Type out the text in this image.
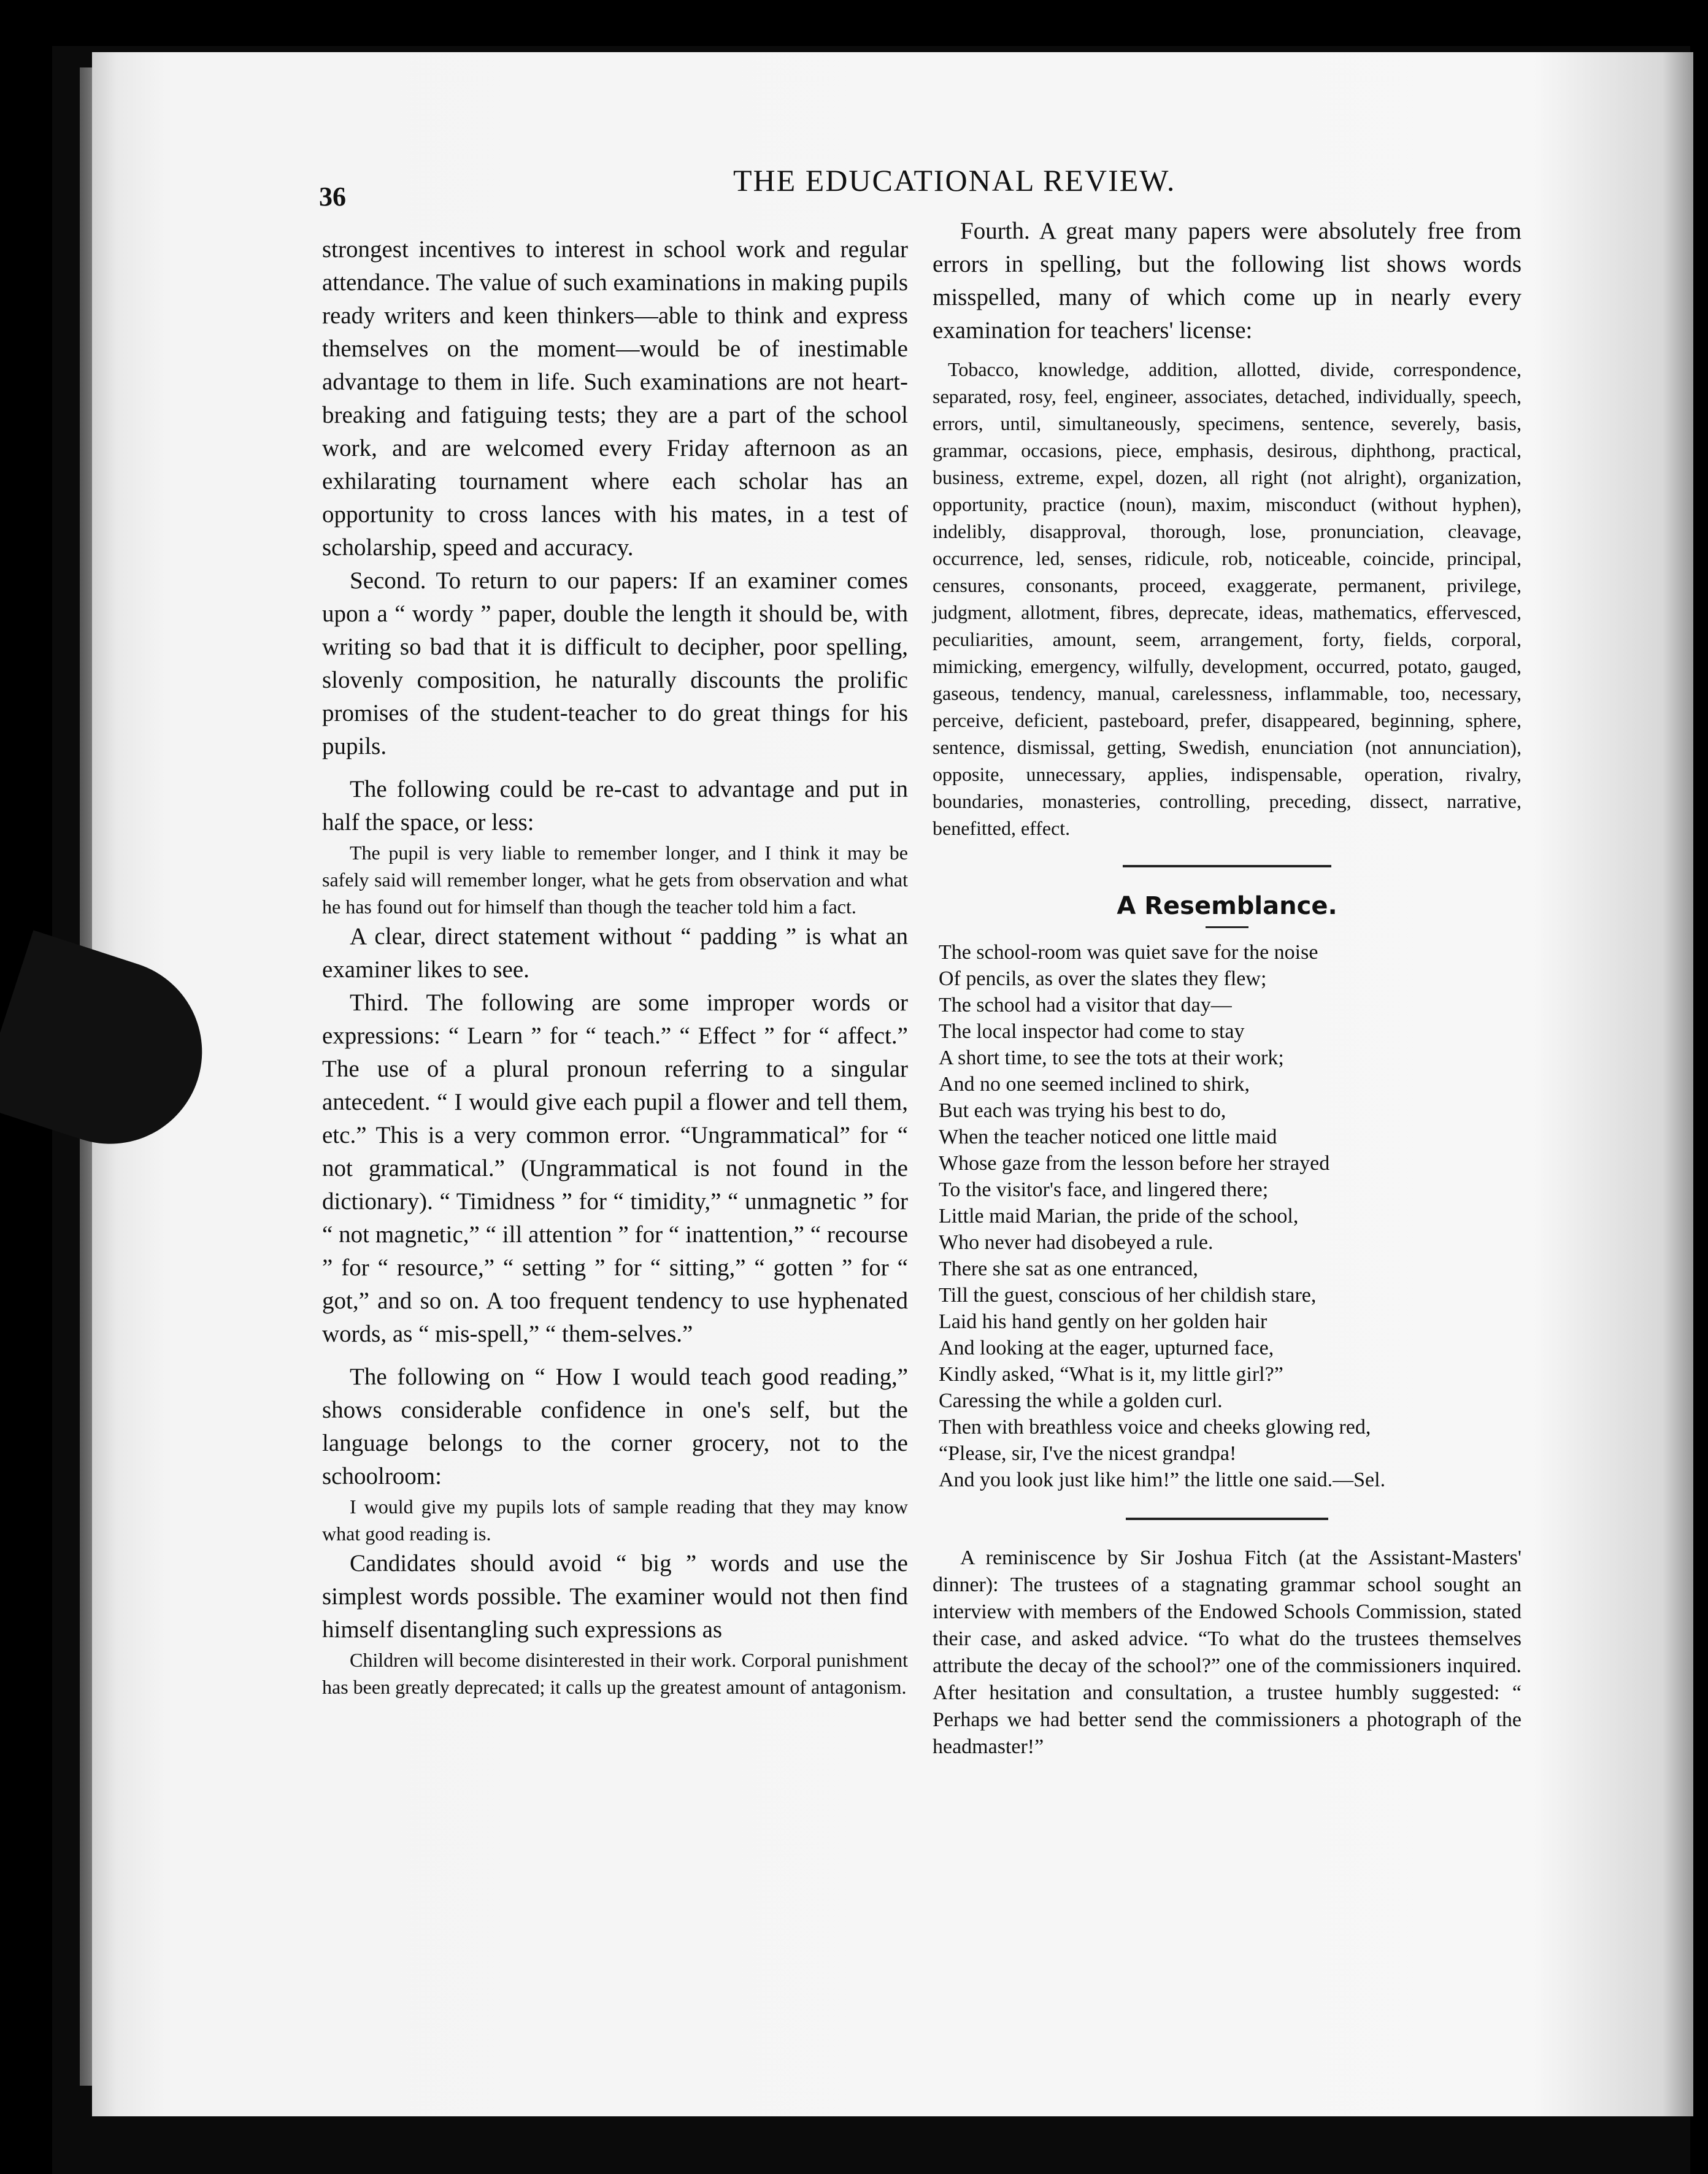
36	THE EDUCATIONAL REVIEW.

strongest incentives to interest in school work and regular attendance. The value of such examinations in making pupils ready writers and keen thinkers—able to think and express themselves on the moment—would be of inestimable advantage to them in life. Such examinations are not heart-breaking and fatiguing tests; they are a part of the school work, and are welcomed every Friday afternoon as an exhilarating tournament where each scholar has an opportunity to cross lances with his mates, in a test of scholarship, speed and accuracy.

Second. To return to our papers: If an examiner comes upon a “ wordy ” paper, double the length it should be, with writing so bad that it is difficult to decipher, poor spelling, slovenly composition, he naturally discounts the prolific promises of the student-teacher to do great things for his pupils.

The following could be re-cast to advantage and put in half the space, or less:

The pupil is very liable to remember longer, and I think it may be safely said will remember longer, what he gets from observation and what he has found out for himself than though the teacher told him a fact.

A clear, direct statement without “ padding ” is what an examiner likes to see.

Third. The following are some improper words or expressions: “ Learn ” for “ teach.” “ Effect ” for “ affect.” The use of a plural pronoun referring to a singular antecedent. “ I would give each pupil a flower and tell them, etc.” This is a very common error. “Ungrammatical” for “ not grammatical.” (Ungrammatical is not found in the dictionary). “ Timidness ” for “ timidity,” “ unmagnetic ” for “ not magnetic,” “ ill attention ” for “ inattention,” “ recourse ” for “ resource,” “ setting ” for “ sitting,” “ gotten ” for “ got,” and so on. A too frequent tendency to use hyphenated words, as “ mis-spell,” “ them-selves.”

The following on “ How I would teach good reading,” shows considerable confidence in one's self, but the language belongs to the corner grocery, not to the schoolroom:

I would give my pupils lots of sample reading that they may know what good reading is.

Candidates should avoid “ big ” words and use the simplest words possible. The examiner would not then find himself disentangling such expressions as

Children will become disinterested in their work. Corporal punishment has been greatly deprecated; it calls up the greatest amount of antagonism.

Fourth. A great many papers were absolutely free from errors in spelling, but the following list shows words misspelled, many of which come up in nearly every examination for teachers' license:

Tobacco, knowledge, addition, allotted, divide, correspondence, separated, rosy, feel, engineer, associates, detached, individually, speech, errors, until, simultaneously, specimens, sentence, severely, basis, grammar, occasions, piece, emphasis, desirous, diphthong, practical, business, extreme, expel, dozen, all right (not alright), organization, opportunity, practice (noun), maxim, misconduct (without hyphen), indelibly, disapproval, thorough, lose, pronunciation, cleavage, occurrence, led, senses, ridicule, rob, noticeable, coincide, principal, censures, consonants, proceed, exaggerate, permanent, privilege, judgment, allotment, fibres, deprecate, ideas, mathematics, effervesced, peculiarities, amount, seem, arrangement, forty, fields, corporal, mimicking, emergency, wilfully, development, occurred, potato, gauged, gaseous, tendency, manual, carelessness, inflammable, too, necessary, perceive, deficient, pasteboard, prefer, disappeared, beginning, sphere, sentence, dismissal, getting, Swedish, enunciation (not annunciation), opposite, unnecessary, applies, indispensable, operation, rivalry, boundaries, monasteries, controlling, preceding, dissect, narrative, benefitted, effect.

A Resemblance.
The school-room was quiet save for the noise
Of pencils, as over the slates they flew;
The school had a visitor that day—
The local inspector had come to stay
A short time, to see the tots at their work;
And no one seemed inclined to shirk,
But each was trying his best to do,
When the teacher noticed one little maid
Whose gaze from the lesson before her strayed
To the visitor's face, and lingered there;
Little maid Marian, the pride of the school,
Who never had disobeyed a rule.
There she sat as one entranced,
Till the guest, conscious of her childish stare,
Laid his hand gently on her golden hair
And looking at the eager, upturned face,
Kindly asked, “What is it, my little girl?”
Caressing the while a golden curl.
Then with breathless voice and cheeks glowing red,
“Please, sir, I've the nicest grandpa!
And you look just like him!” the little one said.—Sel.

A reminiscence by Sir Joshua Fitch (at the Assistant-Masters' dinner): The trustees of a stagnating grammar school sought an interview with members of the Endowed Schools Commission, stated their case, and asked advice. “To what do the trustees themselves attribute the decay of the school?” one of the commissioners inquired. After hesitation and consultation, a trustee humbly suggested: “ Perhaps we had better send the commissioners a photograph of the headmaster!”
